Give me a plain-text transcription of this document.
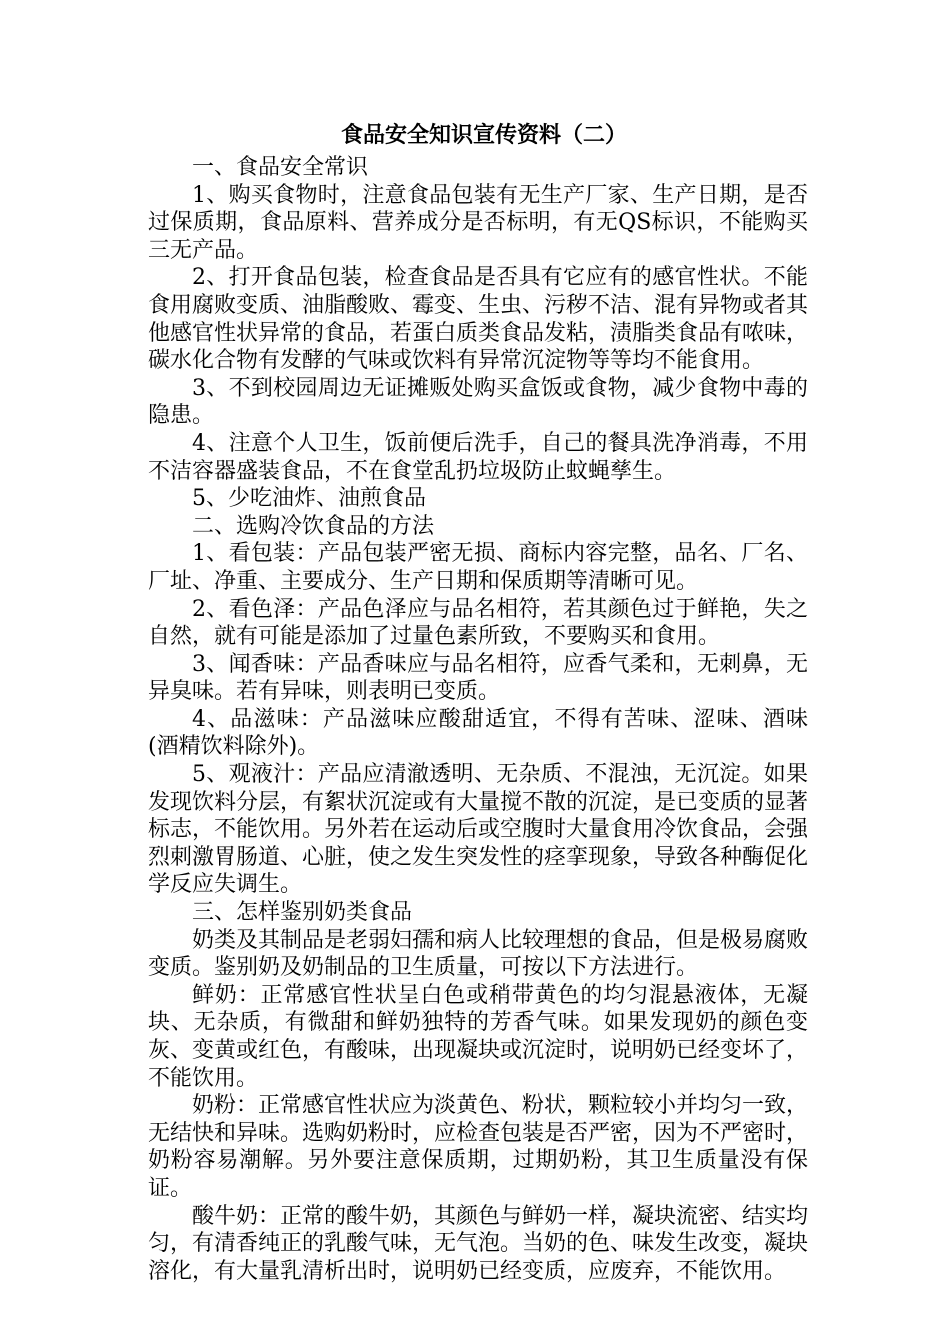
食品安全知识宣传资料（二）

一、食品安全常识

1、购买食物时，注意食品包装有无生产厂家、生产日期，是否过保质期，食品原料、营养成分是否标明，有无QS标识，不能购买三无产品。

2、打开食品包装，检查食品是否具有它应有的感官性状。不能食用腐败变质、油脂酸败、霉变、生虫、污秽不洁、混有异物或者其他感官性状异常的食品，若蛋白质类食品发粘，渍脂类食品有哝味，碳水化合物有发酵的气味或饮料有异常沉淀物等等均不能食用。

3、不到校园周边无证摊贩处购买盒饭或食物，减少食物中毒的隐患。

4、注意个人卫生，饭前便后洗手，自己的餐具洗净消毒，不用不洁容器盛装食品，不在食堂乱扔垃圾防止蚊蝇孳生。

5、少吃油炸、油煎食品

二、选购冷饮食品的方法

1、看包装：产品包装严密无损、商标内容完整，品名、厂名、厂址、净重、主要成分、生产日期和保质期等清晰可见。

2、看色泽：产品色泽应与品名相符，若其颜色过于鲜艳，失之自然，就有可能是添加了过量色素所致，不要购买和食用。

3、闻香味：产品香味应与品名相符，应香气柔和，无刺鼻，无异臭味。若有异味，则表明已变质。

4、品滋味：产品滋味应酸甜适宜，不得有苦味、涩味、酒味(酒精饮料除外)。

5、观液汁：产品应清澈透明、无杂质、不混浊，无沉淀。如果发现饮料分层，有絮状沉淀或有大量搅不散的沉淀，是已变质的显著标志，不能饮用。另外若在运动后或空腹时大量食用冷饮食品，会强烈刺激胃肠道、心脏，使之发生突发性的痉挛现象，导致各种酶促化学反应失调生。

三、怎样鉴别奶类食品

奶类及其制品是老弱妇孺和病人比较理想的食品，但是极易腐败变质。鉴别奶及奶制品的卫生质量，可按以下方法进行。

鲜奶：正常感官性状呈白色或稍带黄色的均匀混悬液体，无凝块、无杂质，有微甜和鲜奶独特的芳香气味。如果发现奶的颜色变灰、变黄或红色，有酸味，出现凝块或沉淀时，说明奶已经变坏了，不能饮用。

奶粉：正常感官性状应为淡黄色、粉状，颗粒较小并均匀一致，无结快和异味。选购奶粉时，应检查包装是否严密，因为不严密时，奶粉容易潮解。另外要注意保质期，过期奶粉，其卫生质量没有保证。

酸牛奶：正常的酸牛奶，其颜色与鲜奶一样，凝块流密、结实均匀，有清香纯正的乳酸气味，无气泡。当奶的色、味发生改变，凝块溶化，有大量乳清析出时，说明奶已经变质，应废弃，不能饮用。
